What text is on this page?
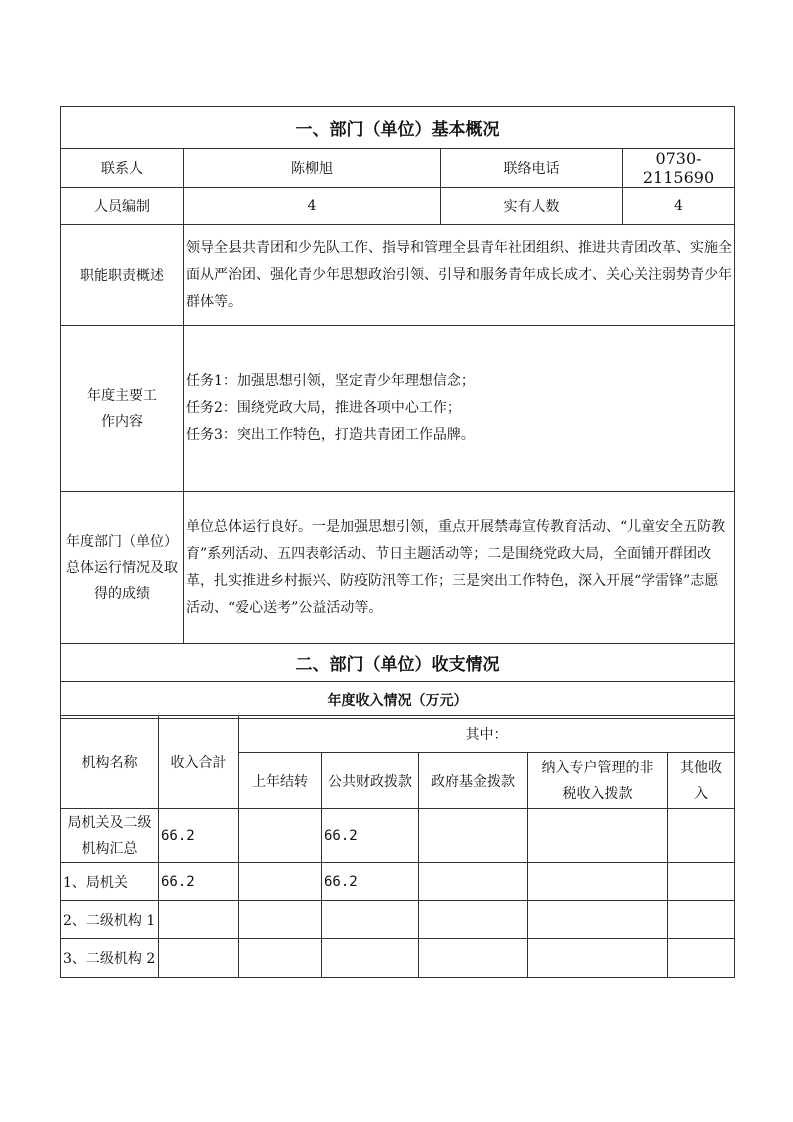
一、部门（单位）基本概况			
联系人	陈柳旭	联络电话	0730-2115690
人员编制	4	实有人数	4
职能职责概述	领导全县共青团和少先队工作、指导和管理全县青年社团组织、推进共青团改革、实施全面从严治团、强化青少年思想政治引领、引导和服务青年成长成才、关心关注弱势青少年群体等。		
年度主要工作内容	任务1：加强思想引领，坚定青少年理想信念；
任务2：围绕党政大局，推进各项中心工作；
任务3：突出工作特色，打造共青团工作品牌。		

年度部门（单位）总体运行情况及取得的成绩	单位总体运行良好。一是加强思想引领，重点开展禁毒宣传教育活动、“儿童安全五防教育”系列活动、五四表彰活动、节日主题活动等；二是围绕党政大局，全面铺开群团改革，扎实推进乡村振兴、防疫防汛等工作；三是突出工作特色，深入开展“学雷锋”志愿活动、“爱心送考”公益活动等。		
二、部门（单位）收支情况			
年度收入情况（万元）			
机构名称	收入合計	其中：				
		上年结转	公共财政拨款	政府基金拨款	纳入专户管理的非税收入拨款	其他收入
局机关及二级机构汇总	66.2		66.2			
1、局机关	66.2		66.2			
2、二级机构 1						
3、二级机构 2						
